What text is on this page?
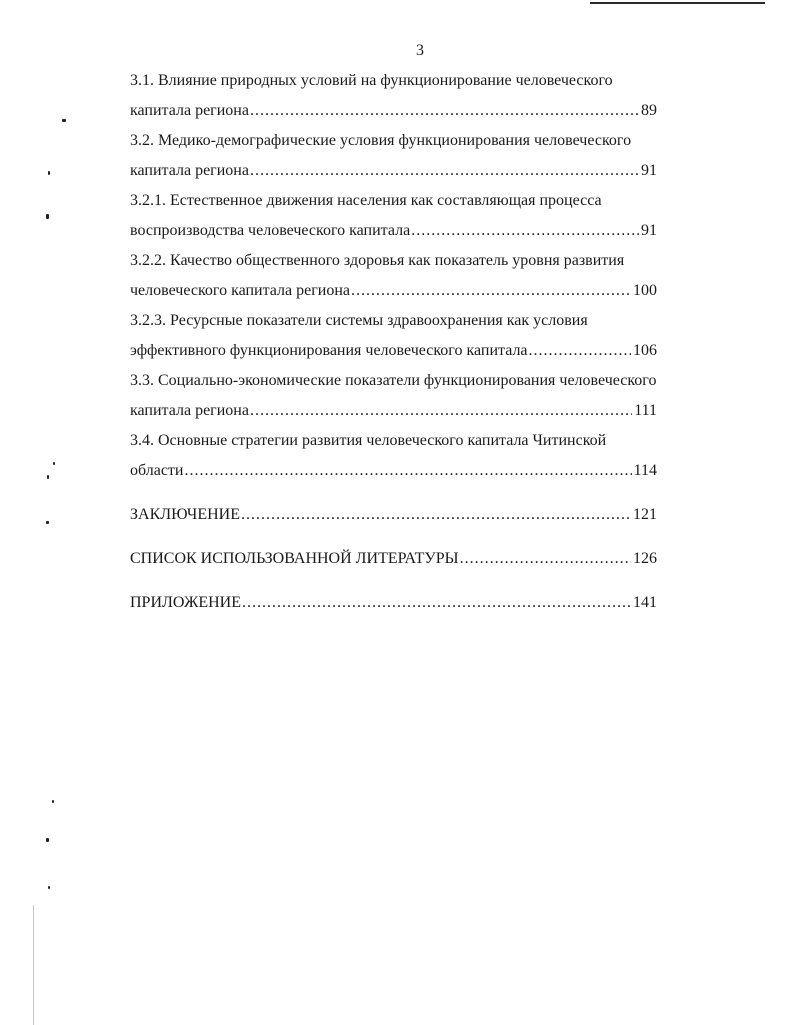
3
3.1. Влияние природных условий на функционирование человеческого
капитала региона .....	89
3.2. Медико-демографические условия функционирования человеческого
капитала региона .....	91
3.2.1. Естественное движения населения как составляющая процесса
воспроизводства человеческого капитала .....	91
3.2.2. Качество общественного здоровья как показатель уровня развития
человеческого капитала региона .....	100
3.2.3. Ресурсные показатели системы здравоохранения как условия
эффективного функционирования человеческого капитала .....	106
3.3. Социально-экономические показатели функционирования человеческого
капитала региона .....	111
3.4. Основные стратегии развития человеческого капитала Читинской
области .....	114
ЗАКЛЮЧЕНИЕ .....	121
СПИСОК ИСПОЛЬЗОВАННОЙ ЛИТЕРАТУРЫ .....	126
ПРИЛОЖЕНИЕ .....	141
